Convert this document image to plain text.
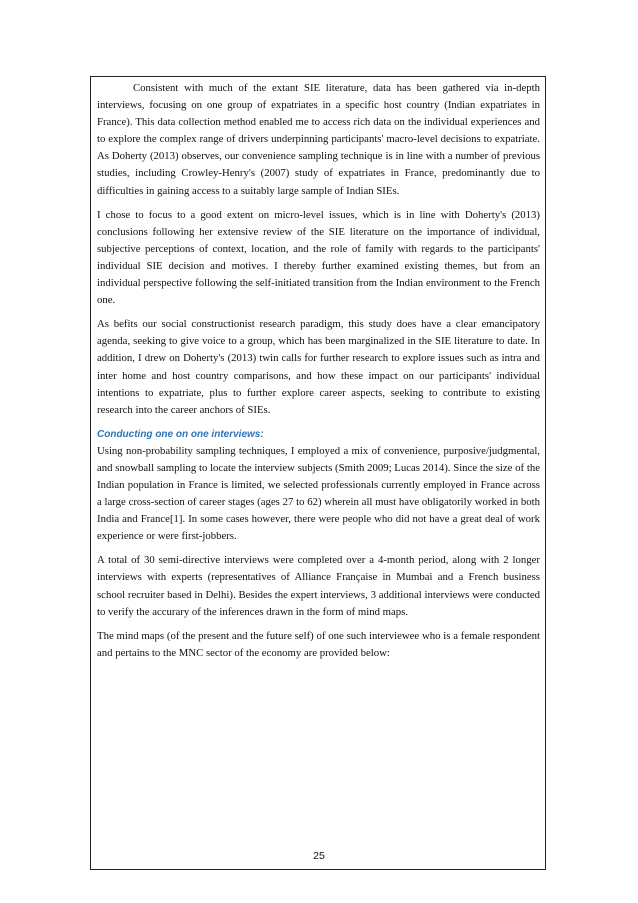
Consistent with much of the extant SIE literature, data has been gathered via in-depth interviews, focusing on one group of expatriates in a specific host country (Indian expatriates in France). This data collection method enabled me to access rich data on the individual experiences and to explore the complex range of drivers underpinning participants' macro-level decisions to expatriate. As Doherty (2013) observes, our convenience sampling technique is in line with a number of previous studies, including Crowley-Henry's (2007) study of expatriates in France, predominantly due to difficulties in gaining access to a suitably large sample of Indian SIEs.

I chose to focus to a good extent on micro-level issues, which is in line with Doherty's (2013) conclusions following her extensive review of the SIE literature on the importance of individual, subjective perceptions of context, location, and the role of family with regards to the participants' individual SIE decision and motives. I thereby further examined existing themes, but from an individual perspective following the self-initiated transition from the Indian environment to the French one.

As befits our social constructionist research paradigm, this study does have a clear emancipatory agenda, seeking to give voice to a group, which has been marginalized in the SIE literature to date. In addition, I drew on Doherty's (2013) twin calls for further research to explore issues such as intra and inter home and host country comparisons, and how these impact on our participants' individual intentions to expatriate, plus to further explore career aspects, seeking to contribute to existing research into the career anchors of SIEs.

Conducting one on one interviews:

Using non-probability sampling techniques, I employed a mix of convenience, purposive/judgmental, and snowball sampling to locate the interview subjects (Smith 2009; Lucas 2014). Since the size of the Indian population in France is limited, we selected professionals currently employed in France across a large cross-section of career stages (ages 27 to 62) wherein all must have obligatorily worked in both India and France[1]. In some cases however, there were people who did not have a great deal of work experience or were first-jobbers.

A total of 30 semi-directive interviews were completed over a 4-month period, along with 2 longer interviews with experts (representatives of Alliance Française in Mumbai and a French business school recruiter based in Delhi). Besides the expert interviews, 3 additional interviews were conducted to verify the accurary of the inferences drawn in the form of mind maps.

The mind maps (of the present and the future self) of one such interviewee who is a female respondent and pertains to the MNC sector of the economy are provided below:

25
